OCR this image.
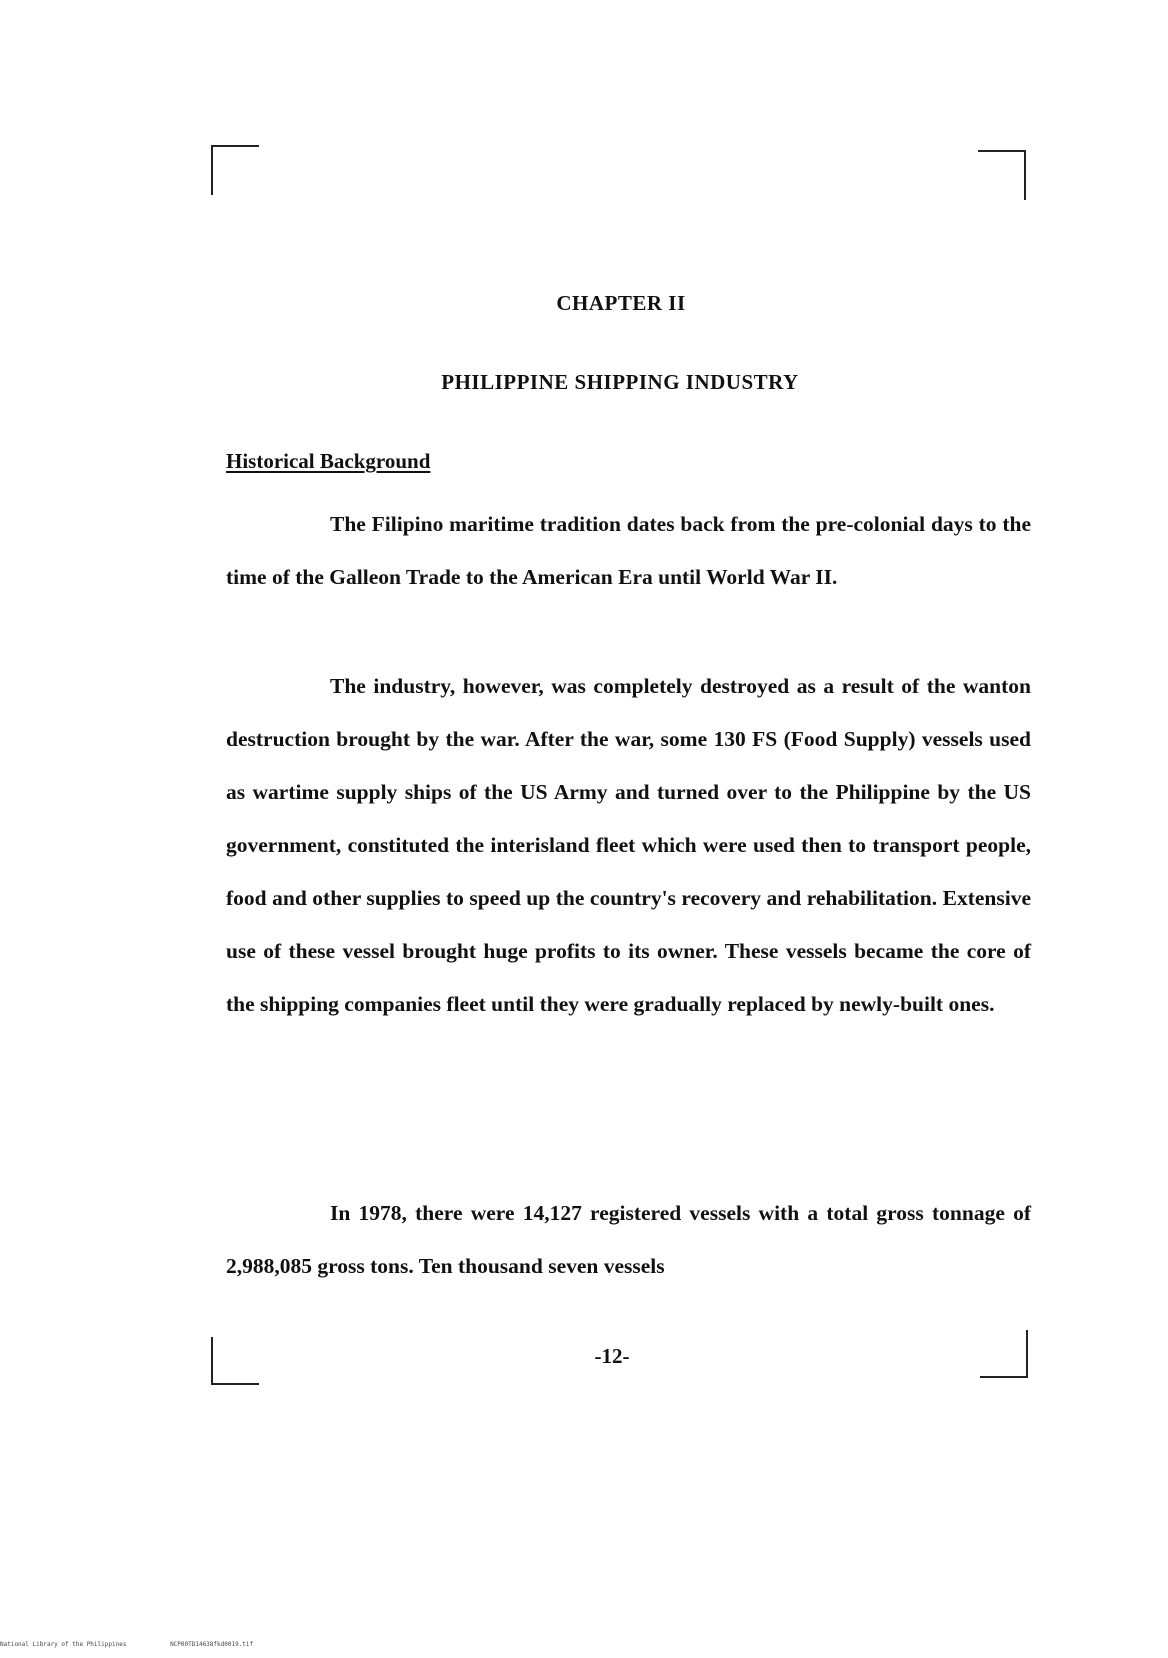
CHAPTER II
PHILIPPINE SHIPPING INDUSTRY
Historical Background

The Filipino maritime tradition dates back from the pre-colonial days to the time of the Galleon Trade to the American Era until World War II.

The industry, however, was completely destroyed as a result of the wanton destruction brought by the war. After the war, some 130 FS (Food Supply) vessels used as wartime supply ships of the US Army and turned over to the Philippine by the US government, constituted the interisland fleet which were used then to transport people, food and other supplies to speed up the country's recovery and rehabilitation. Extensive use of these vessel brought huge profits to its owner. These vessels became the core of the shipping companies fleet until they were gradually replaced by newly-built ones.

In 1978, there were 14,127 registered vessels with a total gross tonnage of 2,988,085 gross tons. Ten thousand seven vessels

-12-
National Library of the Philippines	NCP00TD14638fkd0019.tif
